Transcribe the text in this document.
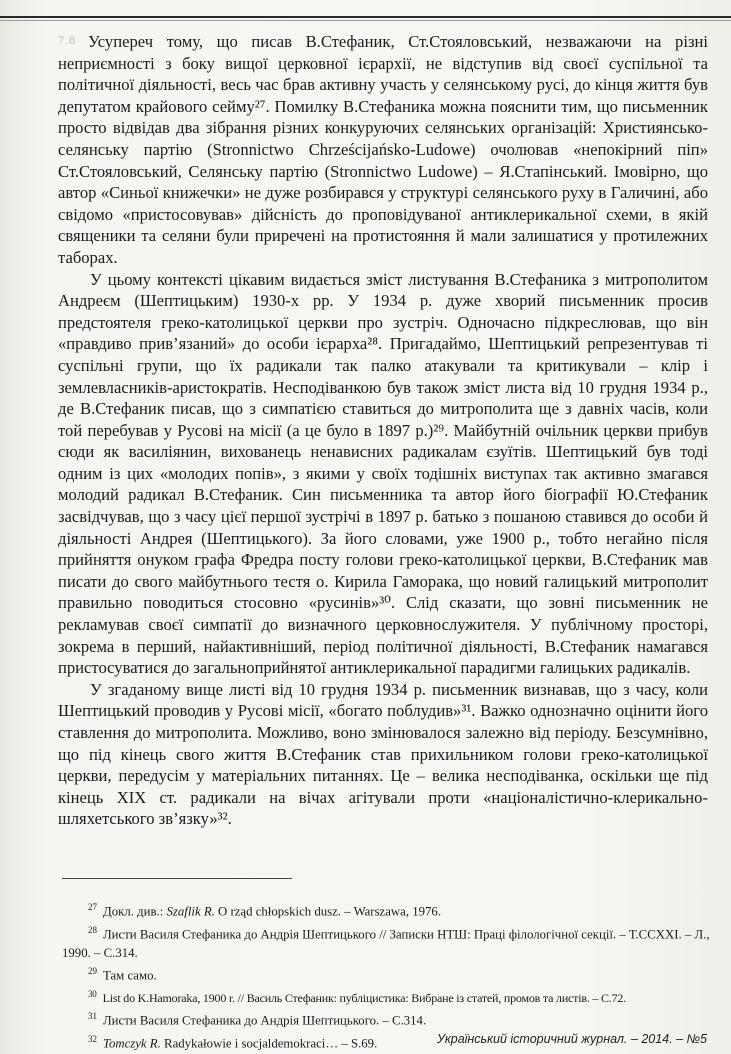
7.8 Усупереч тому, що писав В.Стефаник, Ст.Стояловський, незважаючи на різні неприємності з боку вищої церковної ієрархії, не відступив від своєї суспільної та політичної діяльності, весь час брав активну участь у селянському русі, до кінця життя був депутатом крайового сейму²⁷. Помилку В.Стефаника можна пояснити тим, що письменник просто відвідав два зібрання різних конкуруючих селянських організацій: Християнсько-селянську партію (Stronnictwo Chrześcijańsko-Ludowe) очолював «непокірний піп» Ст.Стояловський, Селянську партію (Stronnictwo Ludowe) – Я.Стапінський. Імовірно, що автор «Синьої книжечки» не дуже розбирався у структурі селянського руху в Галичині, або свідомо «пристосовував» дійсність до проповідуваної антиклерикальної схеми, в якій священики та селяни були приречені на протистояння й мали залишатися у протилежних таборах.

У цьому контексті цікавим видається зміст листування В.Стефаника з митрополитом Андреєм (Шептицьким) 1930-х рр. У 1934 р. дуже хворий письменник просив предстоятеля греко-католицької церкви про зустріч. Одночасно підкреслював, що він «правдиво прив’язаний» до особи ієрарха²⁸. Пригадаймо, Шептицький репрезентував ті суспільні групи, що їх радикали так палко атакували та критикували – клір і землевласників-аристократів. Несподіванкою був також зміст листа від 10 грудня 1934 р., де В.Стефаник писав, що з симпатією ставиться до митрополита ще з давніх часів, коли той перебував у Русові на місії (а це було в 1897 р.)²⁹. Майбутній очільник церкви прибув сюди як василіянин, вихованець ненависних радикалам єзуїтів. Шептицький був тоді одним із цих «молодих попів», з якими у своїх тодішніх виступах так активно змагався молодий радикал В.Стефаник. Син письменника та автор його біографії Ю.Стефаник засвідчував, що з часу цієї першої зустрічі в 1897 р. батько з пошаною ставився до особи й діяльності Андрея (Шептицького). За його словами, уже 1900 р., тобто негайно після прийняття онуком графа Фредра посту голови греко-католицької церкви, В.Стефаник мав писати до свого майбутнього тестя о. Кирила Гаморака, що новий галицький митрополит правильно поводиться стосовно «русинів»³⁰. Слід сказати, що зовні письменник не рекламував своєї симпатії до визначного церковнослужителя. У публічному просторі, зокрема в перший, найактивніший, період політичної діяльності, В.Стефаник намагався пристосуватися до загальноприйнятої антиклерикальної парадигми галицьких радикалів.

У згаданому вище листі від 10 грудня 1934 р. письменник визнавав, що з часу, коли Шептицький проводив у Русові місії, «богато поблудив»³¹. Важко однозначно оцінити його ставлення до митрополита. Можливо, воно змінювалося залежно від періоду. Безсумнівно, що під кінець свого життя В.Стефаник став прихильником голови греко-католицької церкви, передусім у матеріальних питаннях. Це – велика несподіванка, оскільки ще під кінець XIX ст. радикали на вічах агітували проти «націоналістично-клерикально-шляхетського зв’язку»³².

$^{27}$ Докл. див.: Szaflik R. O rząd chłopskich dusz. – Warszawa, 1976.

$^{28}$ Листи Василя Стефаника до Андрія Шептицького // Записки НТШ: Праці філологічної секції. – Т.CCXXI. – Л., 1990. – С.314.

$^{29}$ Там само.

$^{30}$ List do K.Hamoraka, 1900 r. // Василь Стефаник: публіцистика: Вибране із статей, промов та листів. – С.72.

$^{31}$ Листи Василя Стефаника до Андрія Шептицького. – С.314.

$^{32}$ Tomczyk R. Radykałowie i socjaldemokraci… – S.69.	Український історичний журнал. – 2014. – №5
